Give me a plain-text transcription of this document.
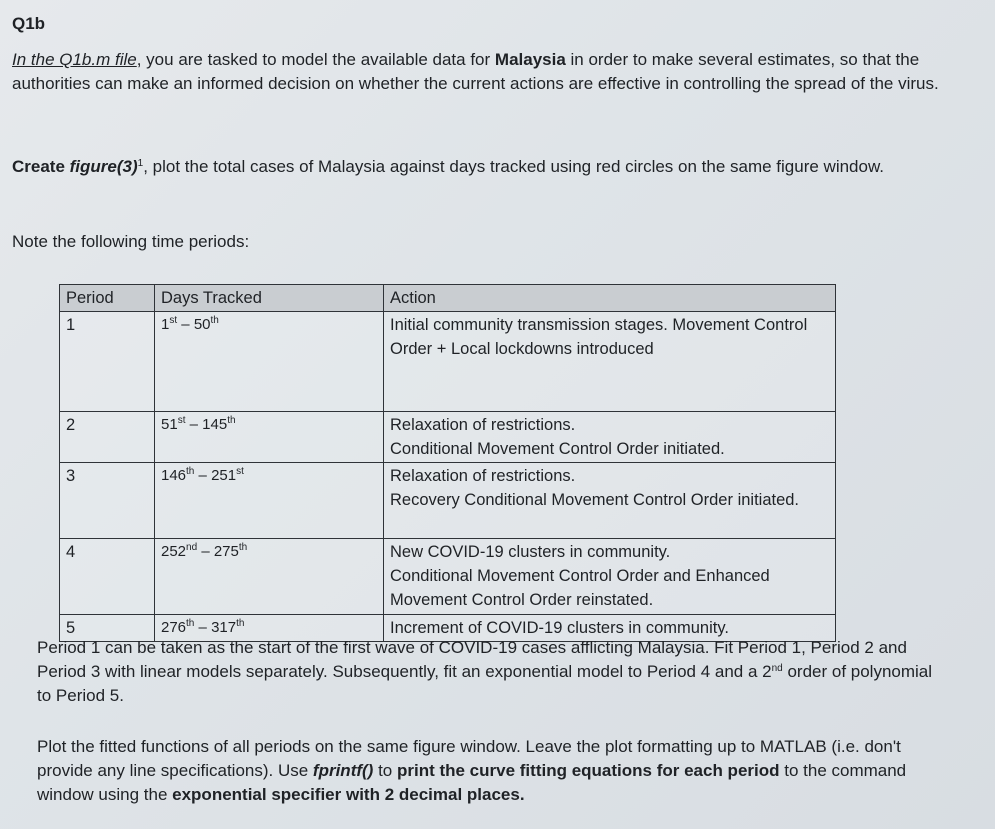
Q1b

In the Q1b.m file, you are tasked to model the available data for Malaysia in order to make several estimates, so that the authorities can make an informed decision on whether the current actions are effective in controlling the spread of the virus.

Create $figure(3)^1$, plot the total cases of Malaysia against days tracked using red circles on the same figure window.

Note the following time periods:

Period	Days Tracked	Action
1	1st – 50th	Initial community transmission stages. Movement Control Order + Local lockdowns introduced
2	51st – 145th	Relaxation of restrictions.
Conditional Movement Control Order initiated.

3	146th – 251st	Relaxation of restrictions.
Recovery Conditional Movement Control Order initiated.

4	252nd – 275th	New COVID-19 clusters in community.
Conditional Movement Control Order and Enhanced Movement Control Order reinstated.

5	276th – 317th	Increment of COVID-19 clusters in community.

Period 1 can be taken as the start of the first wave of COVID-19 cases afflicting Malaysia. Fit Period 1, Period 2 and Period 3 with linear models separately. Subsequently, fit an exponential model to Period 4 and a 2nd order of polynomial to Period 5.

Plot the fitted functions of all periods on the same figure window. Leave the plot formatting up to MATLAB (i.e. don't provide any line specifications). Use fprintf() to print the curve fitting equations for each period to the command window using the exponential specifier with 2 decimal places.
